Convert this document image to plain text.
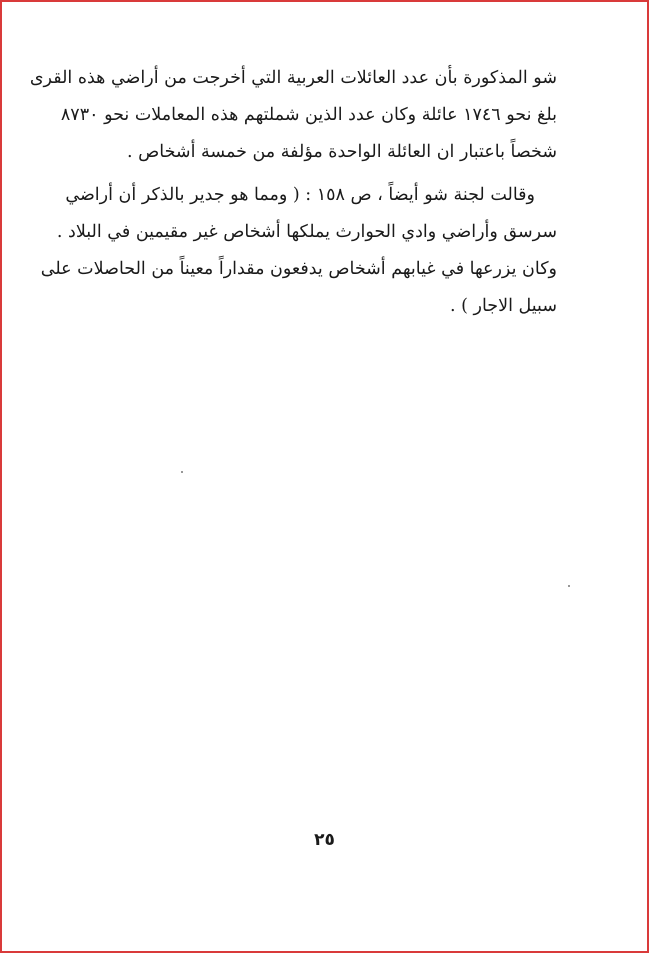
شو المذكورة بأن عدد العائلات العربية التي أخرجت من أراضي هذه القرى
بلغ نحو ١٧٤٦ عائلة وكان عدد الذين شملتهم هذه المعاملات نحو ٨٧٣٠
شخصاً باعتبار ان العائلة الواحدة مؤلفة من خمسة أشخاص .
وقالت لجنة شو أيضاً ، ص ١٥٨ : ( ومما هو جدير بالذكر أن أراضي
سرسق وأراضي وادي الحوارث يملكها أشخاص غير مقيمين في البلاد .
وكان يزرعها في غيابهم أشخاص يدفعون مقداراً معيناً من الحاصلات على
سبيل الاجار ) .
٢٥
